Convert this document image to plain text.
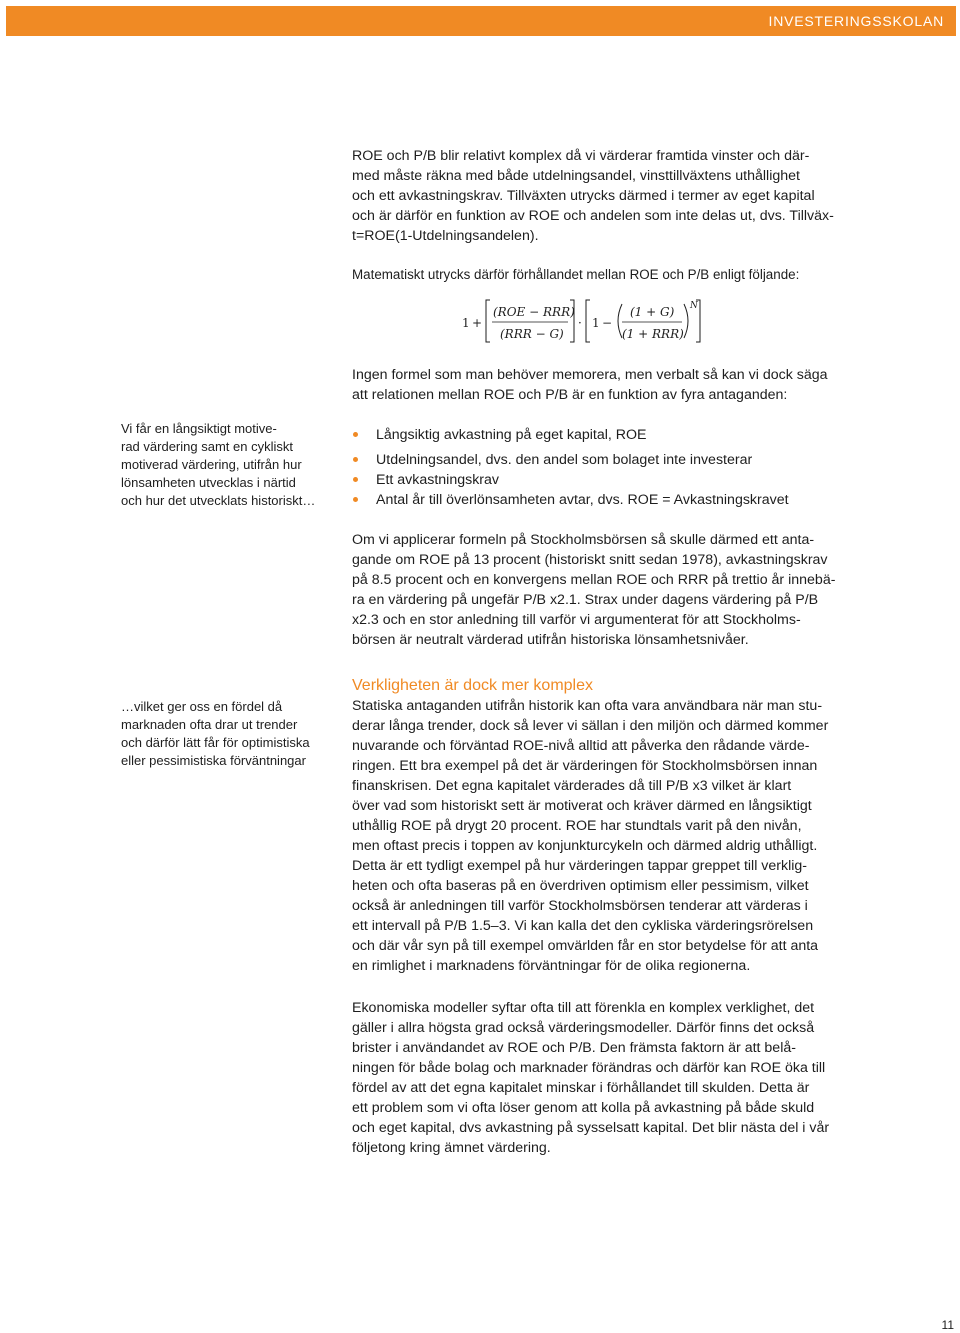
INVESTERINGSSKOLAN

ROE och P/B blir relativt komplex då vi värderar framtida vinster och där-

med måste räkna med både utdelningsandel, vinsttillväxtens uthållighet

och ett avkastningskrav. Tillväxten utrycks därmed i termer av eget kapital

och är därför en funktion av ROE och andelen som inte delas ut, dvs. Tillväx-

t=ROE(1-Utdelningsandelen).

Matematiskt utrycks därför förhållandet mellan ROE och P/B enligt följande:

1 +
(ROE − RRR)
(RRR − G)
· 1 −
(1 + G)
(1 + RRR)
N

Ingen formel som man behöver memorera, men verbalt så kan vi dock säga

att relationen mellan ROE och P/B är en funktion av fyra antaganden:

Långsiktig avkastning på eget kapital, ROE
Utdelningsandel, dvs. den andel som bolaget inte investerar
Ett avkastningskrav
Antal år till överlönsamheten avtar, dvs. ROE = Avkastningskravet

Om vi applicerar formeln på Stockholmsbörsen så skulle därmed ett anta-

gande om ROE på 13 procent (historiskt snitt sedan 1978), avkastningskrav

på 8.5 procent och en konvergens mellan ROE och RRR på trettio år innebä-

ra en värdering på ungefär P/B x2.1. Strax under dagens värdering på P/B

x2.3 och en stor anledning till varför vi argumenterat för att Stockholms-

börsen är neutralt värderad utifrån historiska lönsamhetsnivåer.

Verkligheten är dock mer komplex

Statiska antaganden utifrån historik kan ofta vara användbara när man stu-

derar långa trender, dock så lever vi sällan i den miljön och därmed kommer

nuvarande och förväntad ROE-nivå alltid att påverka den rådande värde-

ringen. Ett bra exempel på det är värderingen för Stockholmsbörsen innan

finanskrisen. Det egna kapitalet värderades då till P/B x3 vilket är klart

över vad som historiskt sett är motiverat och kräver därmed en långsiktigt

uthållig ROE på drygt 20 procent. ROE har stundtals varit på den nivån,

men oftast precis i toppen av konjunkturcykeln och därmed aldrig uthålligt.

Detta är ett tydligt exempel på hur värderingen tappar greppet till verklig-

heten och ofta baseras på en överdriven optimism eller pessimism, vilket

också är anledningen till varför Stockholmsbörsen tenderar att värderas i

ett intervall på P/B 1.5–3. Vi kan kalla det den cykliska värderingsrörelsen

och där vår syn på till exempel omvärlden får en stor betydelse för att anta

en rimlighet i marknadens förväntningar för de olika regionerna.

Ekonomiska modeller syftar ofta till att förenkla en komplex verklighet, det

gäller i allra högsta grad också värderingsmodeller. Därför finns det också

brister i användandet av ROE och P/B. Den främsta faktorn är att belå-

ningen för både bolag och marknader förändras och därför kan ROE öka till

fördel av att det egna kapitalet minskar i förhållandet till skulden. Detta är

ett problem som vi ofta löser genom att kolla på avkastning på både skuld

och eget kapital, dvs avkastning på sysselsatt kapital. Det blir nästa del i vår

följetong kring ämnet värdering.

Vi får en långsiktigt motive-
rad värdering samt en cykliskt
motiverad värdering, utifrån hur
lönsamheten utvecklas i närtid
och hur det utvecklats historiskt…
…vilket ger oss en fördel då
marknaden ofta drar ut trender
och därför lätt får för optimistiska
eller pessimistiska förväntningar
11
